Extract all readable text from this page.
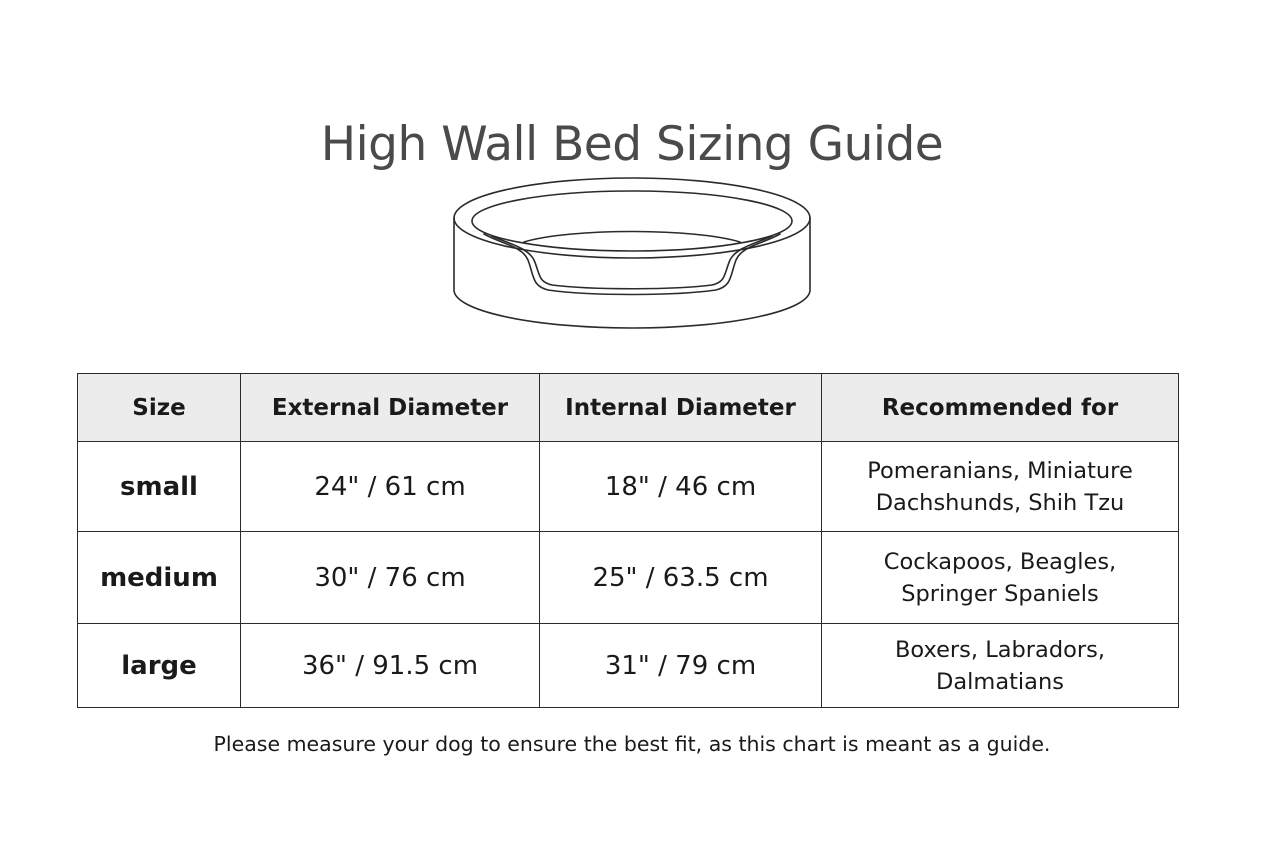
High Wall Bed Sizing Guide
Size	External Diameter	Internal Diameter	Recommended for
small	24" / 61 cm	18" / 46 cm	Pomeranians, Miniature
Dachshunds, Shih Tzu

medium	30" / 76 cm	25" / 63.5 cm	Cockapoos, Beagles,
Springer Spaniels

large	36" / 91.5 cm	31" / 79 cm	Boxers, Labradors,
Dalmatians

Please measure your dog to ensure the best fit, as this chart is meant as a guide.
